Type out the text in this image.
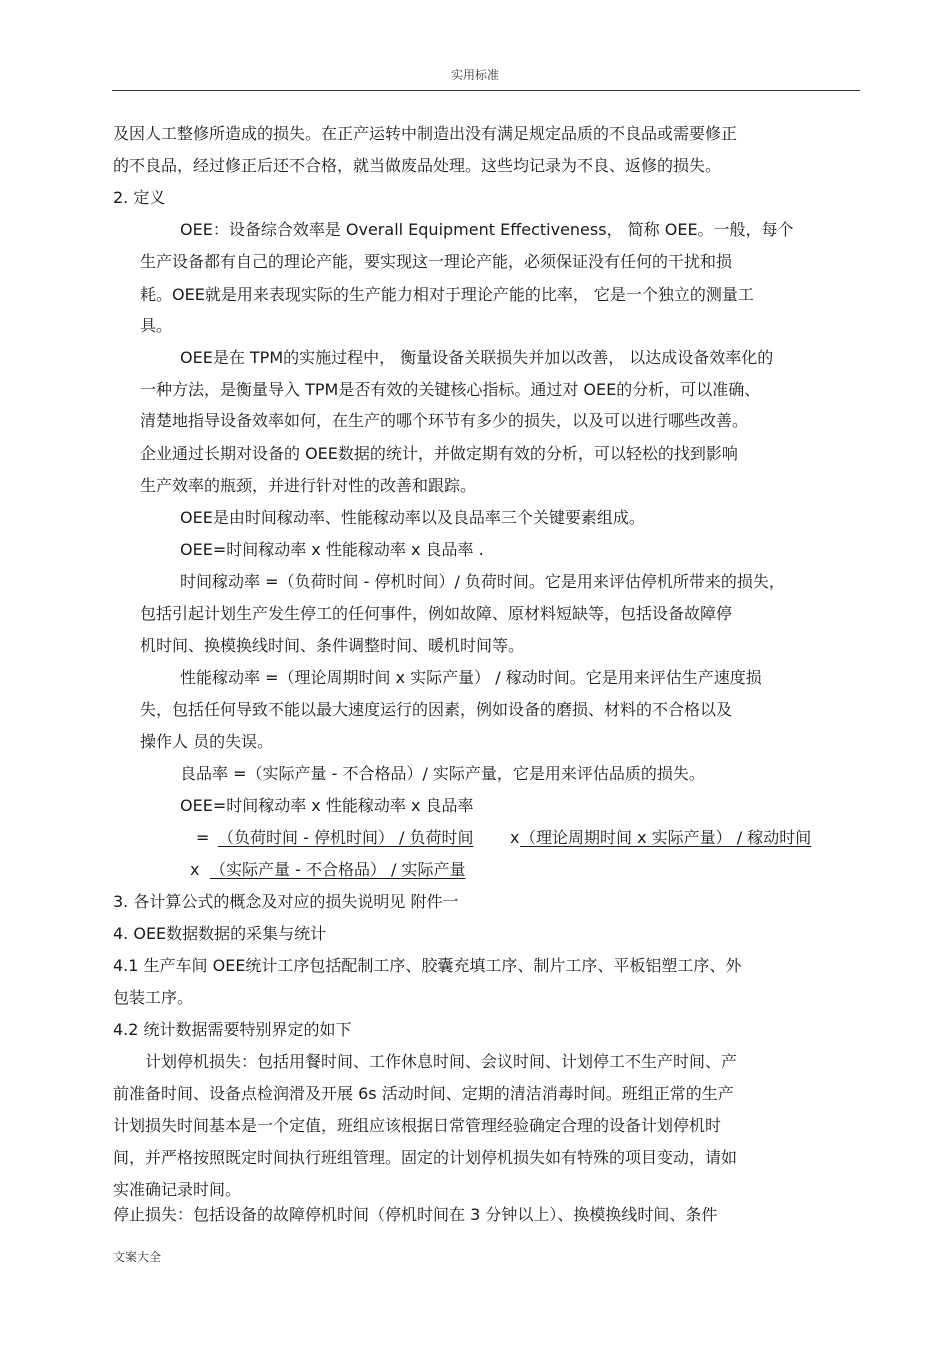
实用标准
及因人工整修所造成的损失。在正产运转中制造出没有满足规定品质的不良品或需要修正
的不良品，经过修正后还不合格，就当做废品处理。这些均记录为不良、返修的损失。
2. 定义
OEE：设备综合效率是 Overall Equipment Effectiveness， 简称 OEE。一般，每个
生产设备都有自己的理论产能，要实现这一理论产能，必须保证没有任何的干扰和损
耗。OEE就是用来表现实际的生产能力相对于理论产能的比率， 它是一个独立的测量工
具。
OEE是在 TPM的实施过程中， 衡量设备关联损失并加以改善， 以达成设备效率化的
一种方法，是衡量导入 TPM是否有效的关键核心指标。通过对 OEE的分析，可以准确、
清楚地指导设备效率如何，在生产的哪个环节有多少的损失，以及可以进行哪些改善。
企业通过长期对设备的 OEE数据的统计，并做定期有效的分析，可以轻松的找到影响
生产效率的瓶颈，并进行针对性的改善和跟踪。
OEE是由时间稼动率、性能稼动率以及良品率三个关键要素组成。
OEE=时间稼动率 x 性能稼动率 x 良品率 .
时间稼动率 =（负荷时间 - 停机时间）/ 负荷时间。它是用来评估停机所带来的损失，
包括引起计划生产发生停工的任何事件，例如故障、原材料短缺等，包括设备故障停
机时间、换模换线时间、条件调整时间、暖机时间等。
性能稼动率 =（理论周期时间 x 实际产量） / 稼动时间。它是用来评估生产速度损
失，包括任何导致不能以最大速度运行的因素，例如设备的磨损、材料的不合格以及
操作人 员的失误。
良品率 =（实际产量 - 不合格品）/ 实际产量，它是用来评估品质的损失。
OEE=时间稼动率 x 性能稼动率 x 良品率
= （负荷时间 - 停机时间） / 负荷时间 x （理论周期时间 x 实际产量） / 稼动时间
x （实际产量 - 不合格品） / 实际产量
3. 各计算公式的概念及对应的损失说明见 附件一
4. OEE数据数据的采集与统计
4.1 生产车间 OEE统计工序包括配制工序、胶囊充填工序、制片工序、平板铝塑工序、外
包装工序。
4.2 统计数据需要特别界定的如下
计划停机损失：包括用餐时间、工作休息时间、会议时间、计划停工不生产时间、产
前准备时间、设备点检润滑及开展 6s 活动时间、定期的清洁消毒时间。班组正常的生产
计划损失时间基本是一个定值，班组应该根据日常管理经验确定合理的设备计划停机时
间，并严格按照既定时间执行班组管理。固定的计划停机损失如有特殊的项目变动，请如
实准确记录时间。
停止损失：包括设备的故障停机时间（停机时间在 3 分钟以上）、换模换线时间、条件
文案大全
